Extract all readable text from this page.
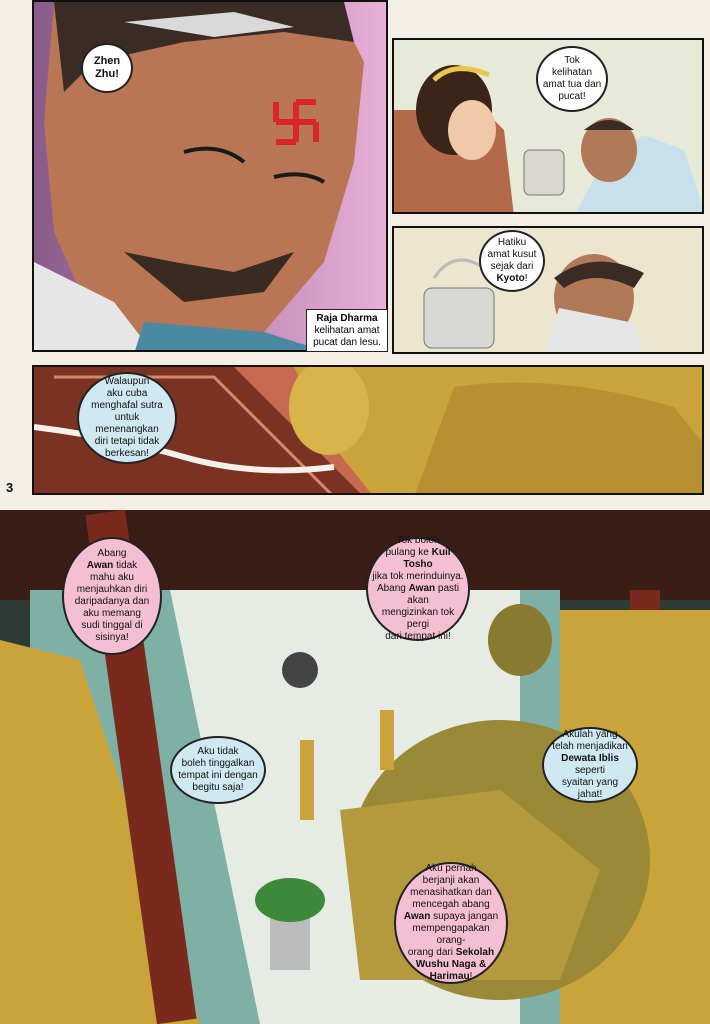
Zhen
Zhu!
Raja Dharma
kelihatan amat
pucat dan lesu.
Tok
kelihatan
amat tua dan
pucat!
Hatiku
amat kusut
sejak dari Kyoto!
Walaupun
aku cuba
menghafal sutra
untuk menenangkan
diri tetapi tidak
berkesan!
3
Abang
Awan tidak
mahu aku
menjauhkan diri
daripadanya dan
aku memang
sudi tinggal di
sisinya!
Tok boleh
pulang ke Kuil Tosho
jika tok merinduinya.
Abang Awan pasti akan
mengizinkan tok pergi
dari tempat ini!
Aku tidak
boleh tinggalkan
tempat ini dengan
begitu saja!
Akulah yang
telah menjadikan
Dewata Iblis seperti
syaitan yang
jahat!
Aku pernah
berjanji akan
menasihatkan dan
mencegah abang
Awan supaya jangan
mempengapakan orang-
orang dari Sekolah
Wushu Naga &
Harimau!
